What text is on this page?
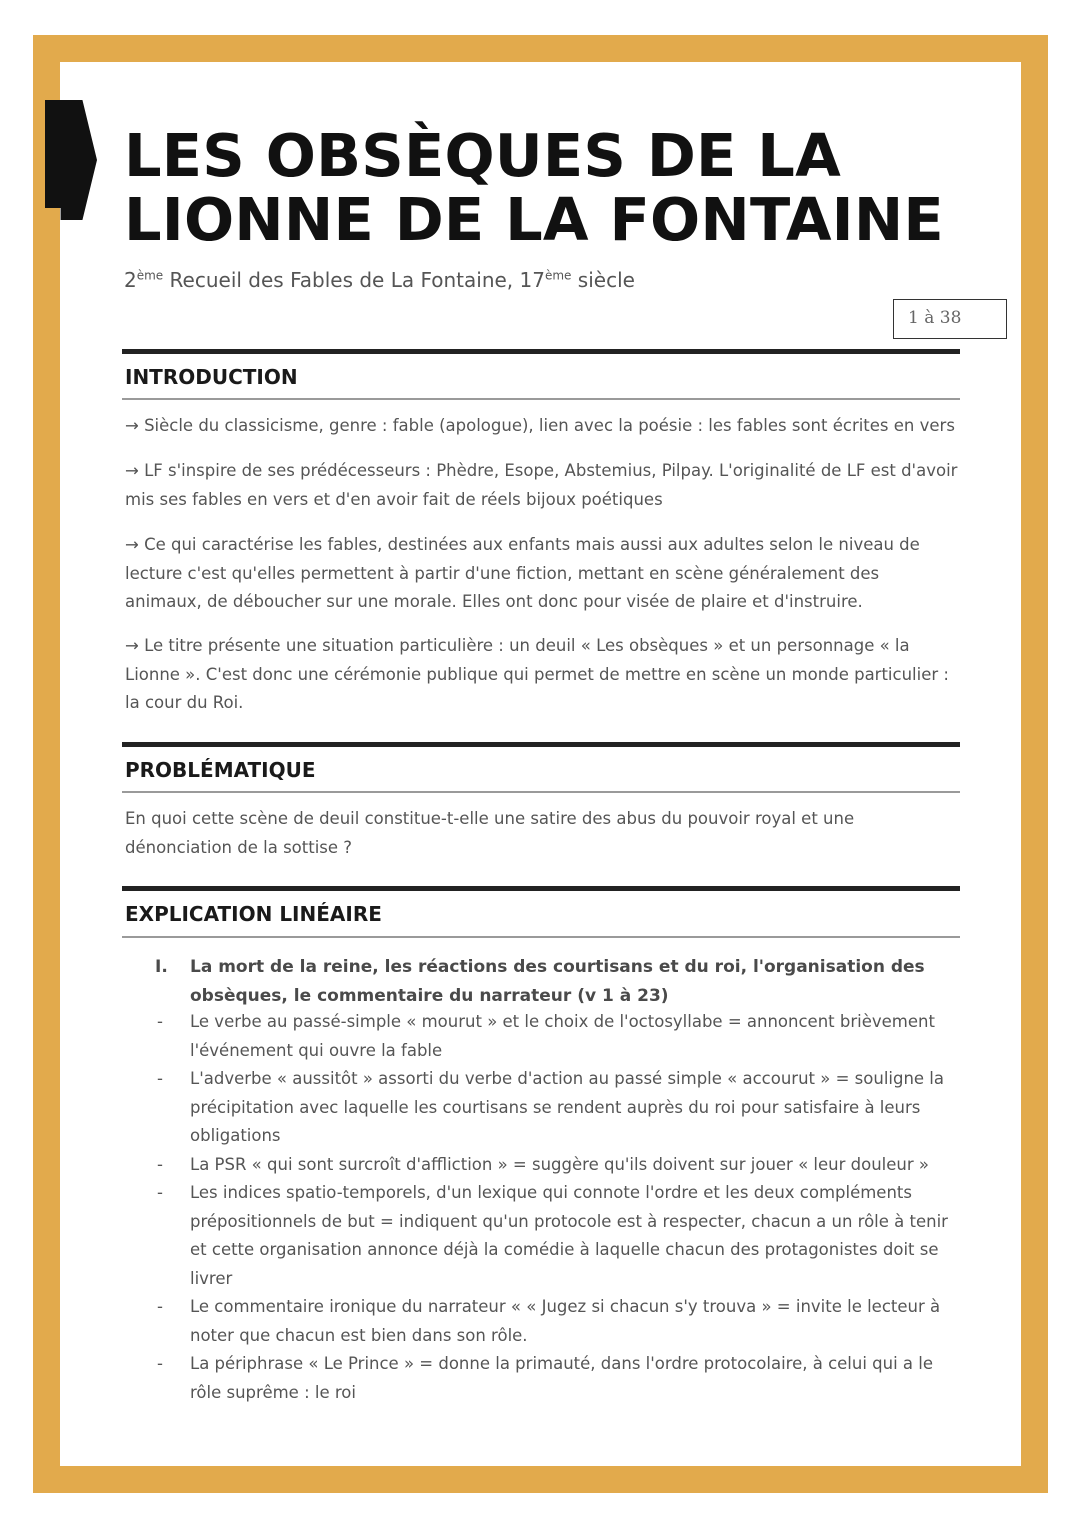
LES OBSÈQUES DE LA
LIONNE DE LA FONTAINE

2ème Recueil des Fables de La Fontaine, 17ème siècle

1 à 38
INTRODUCTION

→ Siècle du classicisme, genre : fable (apologue), lien avec la poésie : les fables sont écrites en vers

→ LF s'inspire de ses prédécesseurs : Phèdre, Esope, Abstemius, Pilpay. L'originalité de LF est d'avoir mis ses fables en vers et d'en avoir fait de réels bijoux poétiques

→ Ce qui caractérise les fables, destinées aux enfants mais aussi aux adultes selon le niveau de lecture c'est qu'elles permettent à partir d'une fiction, mettant en scène généralement des animaux, de déboucher sur une morale. Elles ont donc pour visée de plaire et d'instruire.

→ Le titre présente une situation particulière : un deuil « Les obsèques » et un personnage « la Lionne ». C'est donc une cérémonie publique qui permet de mettre en scène un monde particulier : la cour du Roi.

PROBLÉMATIQUE

En quoi cette scène de deuil constitue-t-elle une satire des abus du pouvoir royal et une dénonciation de la sottise ?

EXPLICATION LINÉAIRE
I. La mort de la reine, les réactions des courtisans et du roi, l'organisation des obsèques, le commentaire du narrateur (v 1 à 23)
- Le verbe au passé-simple « mourut » et le choix de l'octosyllabe = annoncent brièvement l'événement qui ouvre la fable
- L'adverbe « aussitôt » assorti du verbe d'action au passé simple « accourut » = souligne la précipitation avec laquelle les courtisans se rendent auprès du roi pour satisfaire à leurs obligations
- La PSR « qui sont surcroît d'affliction » = suggère qu'ils doivent sur jouer « leur douleur »
- Les indices spatio-temporels, d'un lexique qui connote l'ordre et les deux compléments prépositionnels de but = indiquent qu'un protocole est à respecter, chacun a un rôle à tenir et cette organisation annonce déjà la comédie à laquelle chacun des protagonistes doit se livrer
- Le commentaire ironique du narrateur « « Jugez si chacun s'y trouva » = invite le lecteur à noter que chacun est bien dans son rôle.
- La périphrase « Le Prince » = donne la primauté, dans l'ordre protocolaire, à celui qui a le rôle suprême : le roi
